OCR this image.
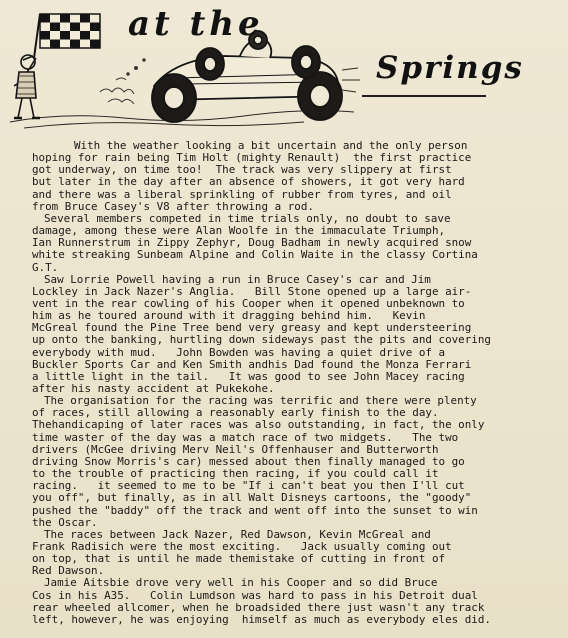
at the
Springs
With the weather looking a bit uncertain and the only person
hoping for rain being Tim Holt (mighty Renault)  the first practice
got underway, on time too!  The track was very slippery at first
but later in the day after an absence of showers, it got very hard
and there was a liberal sprinkling of rubber from tyres, and oil
from Bruce Casey's V8 after throwing a rod.
Several members competed in time trials only, no doubt to save
damage, among these were Alan Woolfe in the immaculate Triumph,
Ian Runnerstrum in Zippy Zephyr, Doug Badham in newly acquired snow
white streaking Sunbeam Alpine and Colin Waite in the classy Cortina
G.T.
Saw Lorrie Powell having a run in Bruce Casey's car and Jim
Lockley in Jack Nazer's Anglia.   Bill Stone opened up a large air-
vent in the rear cowling of his Cooper when it opened unbeknown to
him as he toured around with it dragging behind him.   Kevin
McGreal found the Pine Tree bend very greasy and kept understeering
up onto the banking, hurtling down sideways past the pits and covering
everybody with mud.   John Bowden was having a quiet drive of a
Buckler Sports Car and Ken Smith andhis Dad found the Monza Ferrari
a little light in the tail.   It was good to see John Macey racing
after his nasty accident at Pukekohe.
The organisation for the racing was terrific and there were plenty
of races, still allowing a reasonably early finish to the day.
Thehandicaping of later races was also outstanding, in fact, the only
time waster of the day was a match race of two midgets.   The two
drivers (McGee driving Merv Neil's Offenhauser and Butterworth
driving Snow Morris's car) messed about then finally managed to go
to the trouble of practicing then racing, if you could call it
racing.   it seemed to me to be "If i can't beat you then I'll cut
you off", but finally, as in all Walt Disneys cartoons, the "goody"
pushed the "baddy" off the track and went off into the sunset to win
the Oscar.
The races between Jack Nazer, Red Dawson, Kevin McGreal and
Frank Radisich were the most exciting.   Jack usually coming out
on top, that is until he made themistake of cutting in front of
Red Dawson.
Jamie Aitsbie drove very well in his Cooper and so did Bruce
Cos in his A35.   Colin Lumdson was hard to pass in his Detroit dual
rear wheeled allcomer, when he broadsided there just wasn't any track
left, however, he was enjoying  himself as much as everybody eles did.
